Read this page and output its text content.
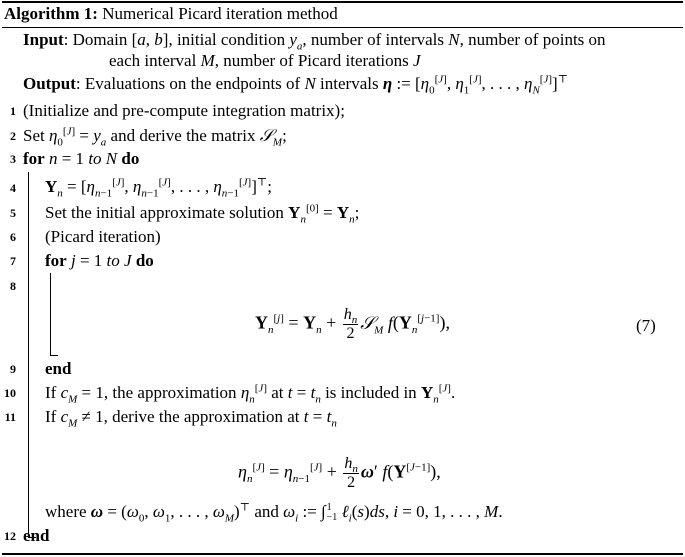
Algorithm 1: Numerical Picard iteration method
Input: Domain [a, b], initial condition $y_a$, number of intervals N, number of points on
each interval M, number of Picard iterations J
Output: Evaluations on the endpoints of N intervals η := [$\eta_0[J]$, $\eta_1[J]$, . . . , $\eta_N[J]]^⊤$
1
2
3
4
5
6
7
8
9
10
11
12
(Initialize and pre-compute integration matrix);
Set $\eta_0[J] = y_a$ and derive the matrix 𝒮$_M$;
for n = 1 to N do
$Y_n = [\eta_{n-1}[J]$, $\eta_{n-1}[J]$, . . . , $\eta_{n-1}[J]]^⊤$;
Set the initial approximate solution $Y_n[0] = Y_n$;
(Picard iteration)
for j = 1 to J do
$Y_n[j] = Y_n + \frac{h_n}{2}$ 𝒮$_M$ $f(Y_n[j-1])$,	(7)
end
If $c_M = 1$, the approximation $\eta_n[J]$ at $t = t_n$ is included in $Y_n[J]$.
If $c_M \ne 1$, derive the approximation at $t = t_n$
$\eta_n[J] = \eta_{n-1}[J] + \frac{h_n}{2} \omega'$ f(Y[J−1]),
where $\omega = (\omega_0$, $\omega_1$, . . . , $\omega_M)^⊤$ and $\omega_i$ := ∫ 1
−1 ℓ$_i$(s)ds, i = 0, 1, . . . , M.
end
